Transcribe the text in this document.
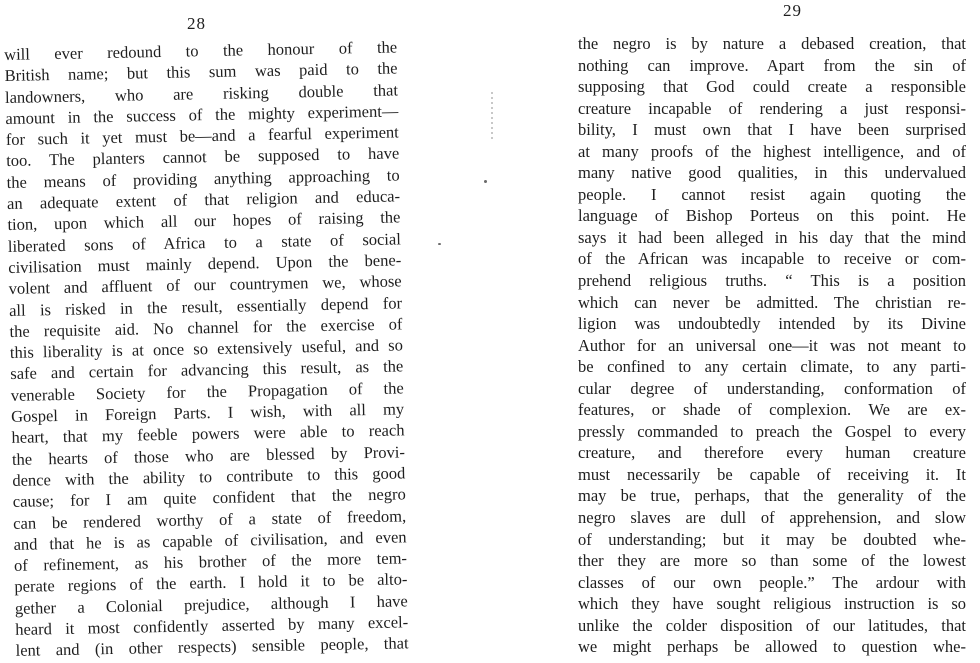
28
will ever redound to the honour of the
British name; but this sum was paid to the
landowners, who are risking double that
amount in the success of the mighty experiment—
for such it yet must be—and a fearful experiment
too. The planters cannot be supposed to have
the means of providing anything approaching to
an adequate extent of that religion and educa-
tion, upon which all our hopes of raising the
liberated sons of Africa to a state of social
civilisation must mainly depend. Upon the bene-
volent and affluent of our countrymen we, whose
all is risked in the result, essentially depend for
the requisite aid. No channel for the exercise of
this liberality is at once so extensively useful, and so
safe and certain for advancing this result, as the
venerable Society for the Propagation of the
Gospel in Foreign Parts. I wish, with all my
heart, that my feeble powers were able to reach
the hearts of those who are blessed by Provi-
dence with the ability to contribute to this good
cause; for I am quite confident that the negro
can be rendered worthy of a state of freedom,
and that he is as capable of civilisation, and even
of refinement, as his brother of the more tem-
perate regions of the earth. I hold it to be alto-
gether a Colonial prejudice, although I have
heard it most confidently asserted by many excel-
lent and (in other respects) sensible people, that
29
the negro is by nature a debased creation, that
nothing can improve. Apart from the sin of
supposing that God could create a responsible
creature incapable of rendering a just responsi-
bility, I must own that I have been surprised
at many proofs of the highest intelligence, and of
many native good qualities, in this undervalued
people. I cannot resist again quoting the
language of Bishop Porteus on this point. He
says it had been alleged in his day that the mind
of the African was incapable to receive or com-
prehend religious truths. “ This is a position
which can never be admitted. The christian re-
ligion was undoubtedly intended by its Divine
Author for an universal one—it was not meant to
be confined to any certain climate, to any parti-
cular degree of understanding, conformation of
features, or shade of complexion. We are ex-
pressly commanded to preach the Gospel to every
creature, and therefore every human creature
must necessarily be capable of receiving it. It
may be true, perhaps, that the generality of the
negro slaves are dull of apprehension, and slow
of understanding; but it may be doubted whe-
ther they are more so than some of the lowest
classes of our own people.” The ardour with
which they have sought religious instruction is so
unlike the colder disposition of our latitudes, that
we might perhaps be allowed to question whe-
